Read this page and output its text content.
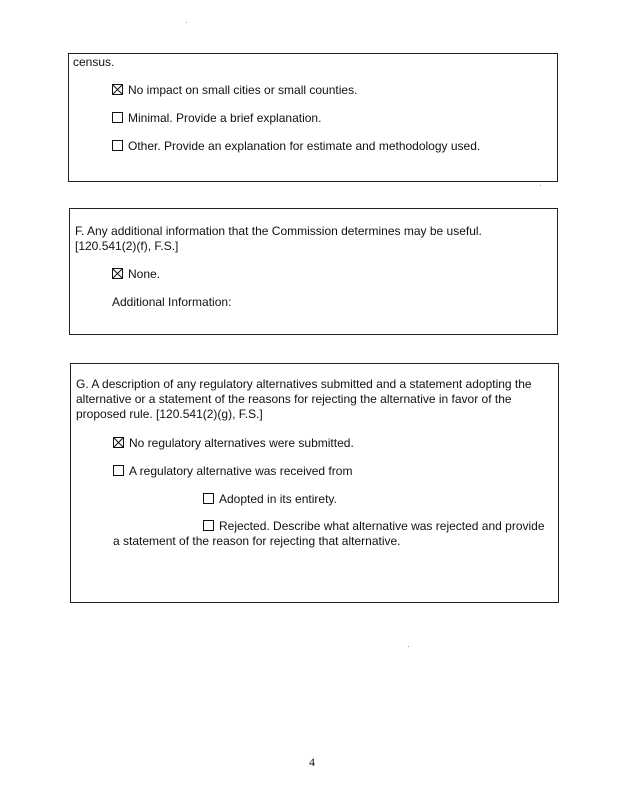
census.
No impact on small cities or small counties.
Minimal. Provide a brief explanation.
Other. Provide an explanation for estimate and methodology used.
F. Any additional information that the Commission determines may be useful.
[120.541(2)(f), F.S.]
None.
Additional Information:
G. A description of any regulatory alternatives submitted and a statement adopting the
alternative or a statement of the reasons for rejecting the alternative in favor of the
proposed rule. [120.541(2)(g), F.S.]
No regulatory alternatives were submitted.
A regulatory alternative was received from
Adopted in its entirety.
Rejected. Describe what alternative was rejected and provide
a statement of the reason for rejecting that alternative.
4
